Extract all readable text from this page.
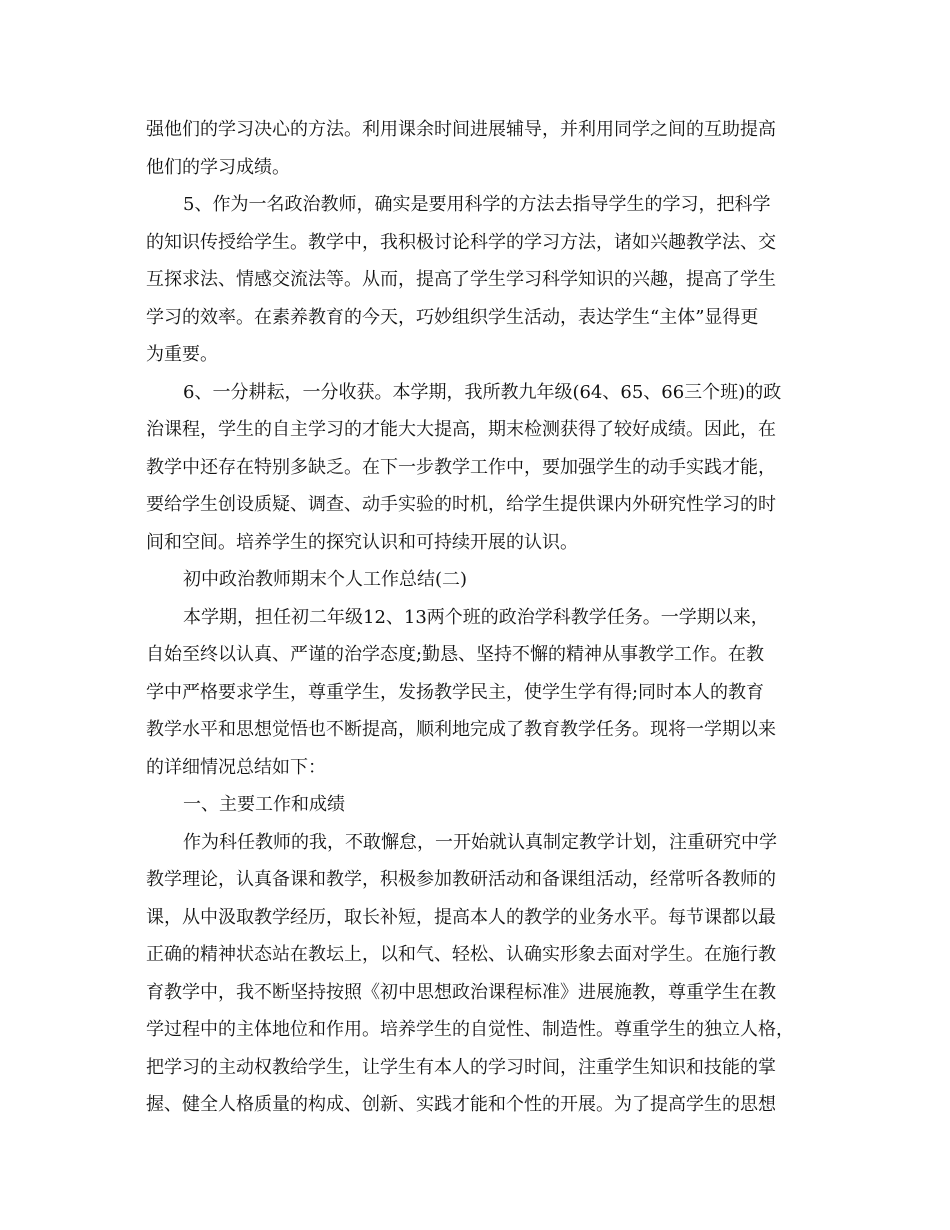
强他们的学习决心的方法。利用课余时间进展辅导，并利用同学之间的互助提高
他们的学习成绩。
5、作为一名政治教师，确实是要用科学的方法去指导学生的学习，把科学
的知识传授给学生。教学中，我积极讨论科学的学习方法，诸如兴趣教学法、交
互探求法、情感交流法等。从而，提高了学生学习科学知识的兴趣，提高了学生
学习的效率。在素养教育的今天，巧妙组织学生活动，表达学生“主体”显得更
为重要。
6、一分耕耘，一分收获。本学期，我所教九年级(64、65、66三个班)的政
治课程，学生的自主学习的才能大大提高，期末检测获得了较好成绩。因此，在
教学中还存在特别多缺乏。在下一步教学工作中，要加强学生的动手实践才能，
要给学生创设质疑、调查、动手实验的时机，给学生提供课内外研究性学习的时
间和空间。培养学生的探究认识和可持续开展的认识。
初中政治教师期末个人工作总结(二)
本学期，担任初二年级12、13两个班的政治学科教学任务。一学期以来，
自始至终以认真、严谨的治学态度;勤恳、坚持不懈的精神从事教学工作。在教
学中严格要求学生，尊重学生，发扬教学民主，使学生学有得;同时本人的教育
教学水平和思想觉悟也不断提高，顺利地完成了教育教学任务。现将一学期以来
的详细情况总结如下：
一、主要工作和成绩
作为科任教师的我，不敢懈怠，一开始就认真制定教学计划，注重研究中学
教学理论，认真备课和教学，积极参加教研活动和备课组活动，经常听各教师的
课，从中汲取教学经历，取长补短，提高本人的教学的业务水平。每节课都以最
正确的精神状态站在教坛上，以和气、轻松、认确实形象去面对学生。在施行教
育教学中，我不断坚持按照《初中思想政治课程标准》进展施教，尊重学生在教
学过程中的主体地位和作用。培养学生的自觉性、制造性。尊重学生的独立人格，
把学习的主动权教给学生，让学生有本人的学习时间，注重学生知识和技能的掌
握、健全人格质量的构成、创新、实践才能和个性的开展。为了提高学生的思想
